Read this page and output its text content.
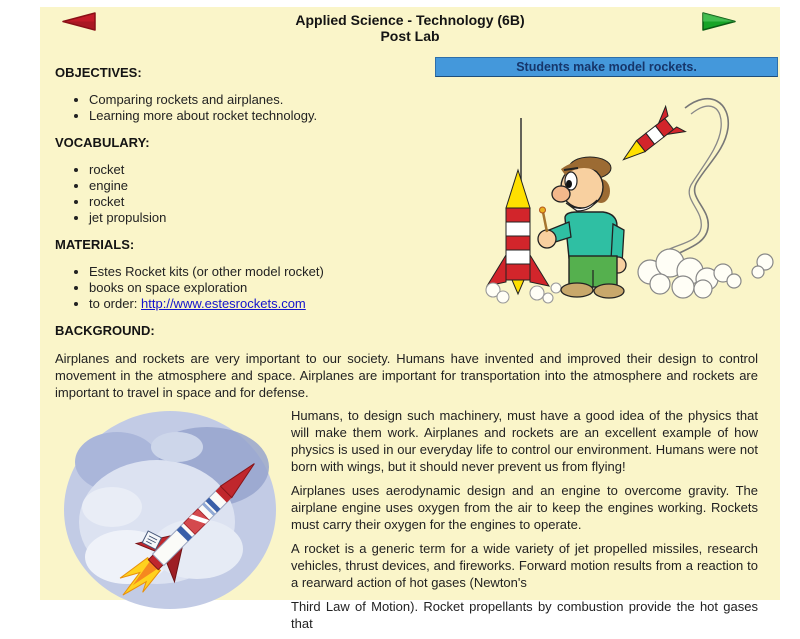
Applied Science - Technology (6B)
Post Lab
Students make model rockets.
OBJECTIVES:
• Comparing rockets and airplanes.
• Learning more about rocket technology.
VOCABULARY:
• rocket
• engine
• rocket
• jet propulsion
MATERIALS:
• Estes Rocket kits (or other model rocket)
• books on space exploration
• to order: http://www.estesrockets.com
BACKGROUND:

Airplanes and rockets are very important to our society. Humans have invented and improved their design to control movement in the atmosphere and space. Airplanes are important for transportation into the atmosphere and rockets are important to travel in space and for defense.

Humans, to design such machinery, must have a good idea of the physics that will make them work. Airplanes and rockets are an excellent example of how physics is used in our everyday life to control our environment. Humans were not born with wings, but it should never prevent us from flying!

Airplanes uses aerodynamic design and an engine to overcome gravity. The airplane engine uses oxygen from the air to keep the engines working. Rockets must carry their oxygen for the engines to operate.

A rocket is a generic term for a wide variety of jet propelled missiles, research vehicles, thrust devices, and fireworks. Forward motion results from a reaction to a rearward action of hot gases (Newton's

Third Law of Motion). Rocket propellants by combustion provide the hot gases that
